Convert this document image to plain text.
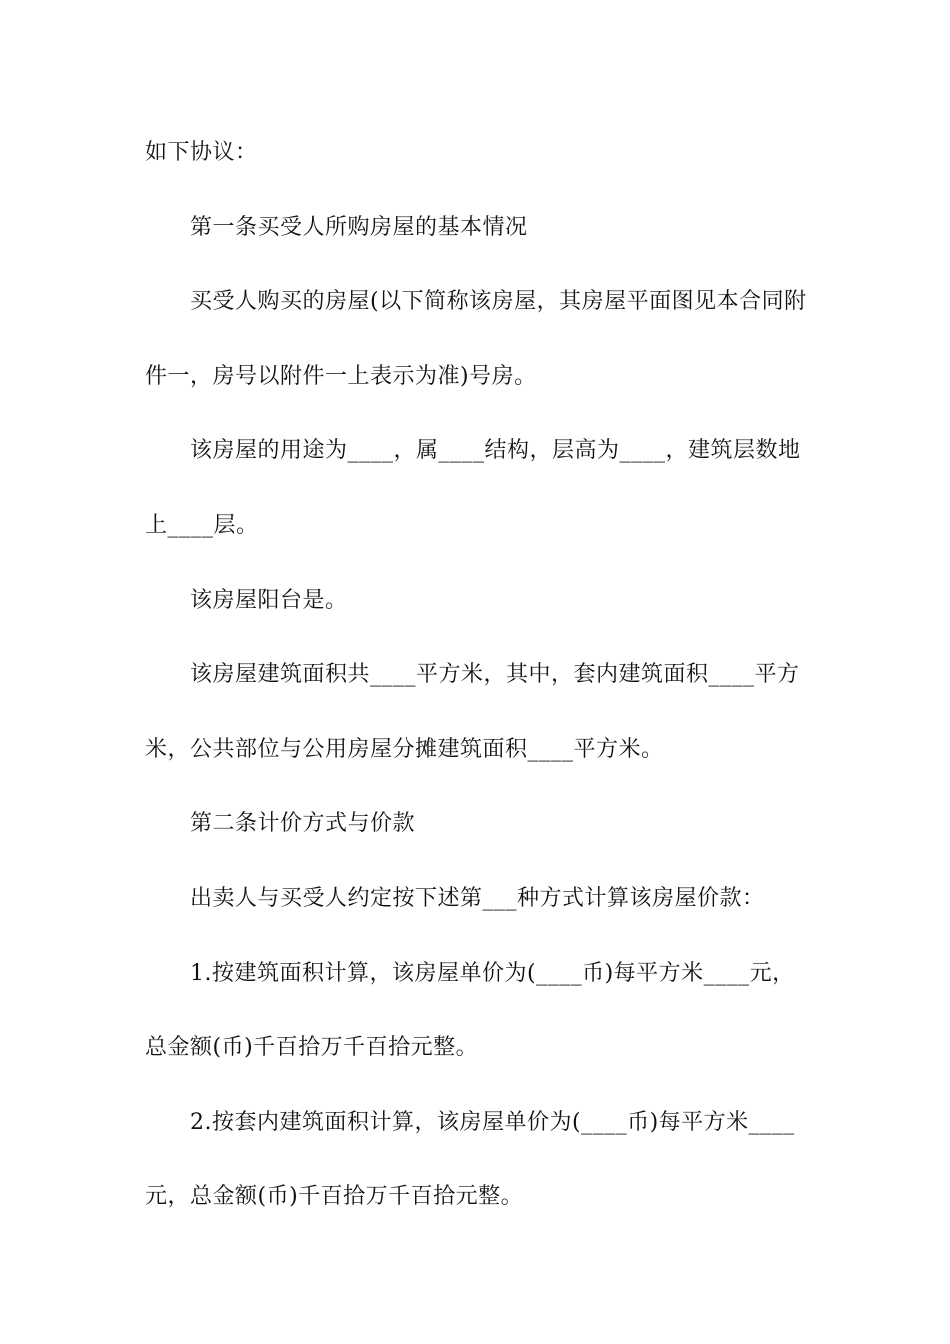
如下协议：
第一条买受人所购房屋的基本情况
买受人购买的房屋(以下简称该房屋，其房屋平面图见本合同附
件一，房号以附件一上表示为准)号房。
该房屋的用途为____，属____结构，层高为____，建筑层数地
上____层。
该房屋阳台是。
该房屋建筑面积共____平方米，其中，套内建筑面积____平方
米，公共部位与公用房屋分摊建筑面积____平方米。
第二条计价方式与价款
出卖人与买受人约定按下述第___种方式计算该房屋价款：
1.按建筑面积计算，该房屋单价为(____币)每平方米____元，
总金额(币)千百拾万千百拾元整。
2.按套内建筑面积计算，该房屋单价为(____币)每平方米____
元，总金额(币)千百拾万千百拾元整。
